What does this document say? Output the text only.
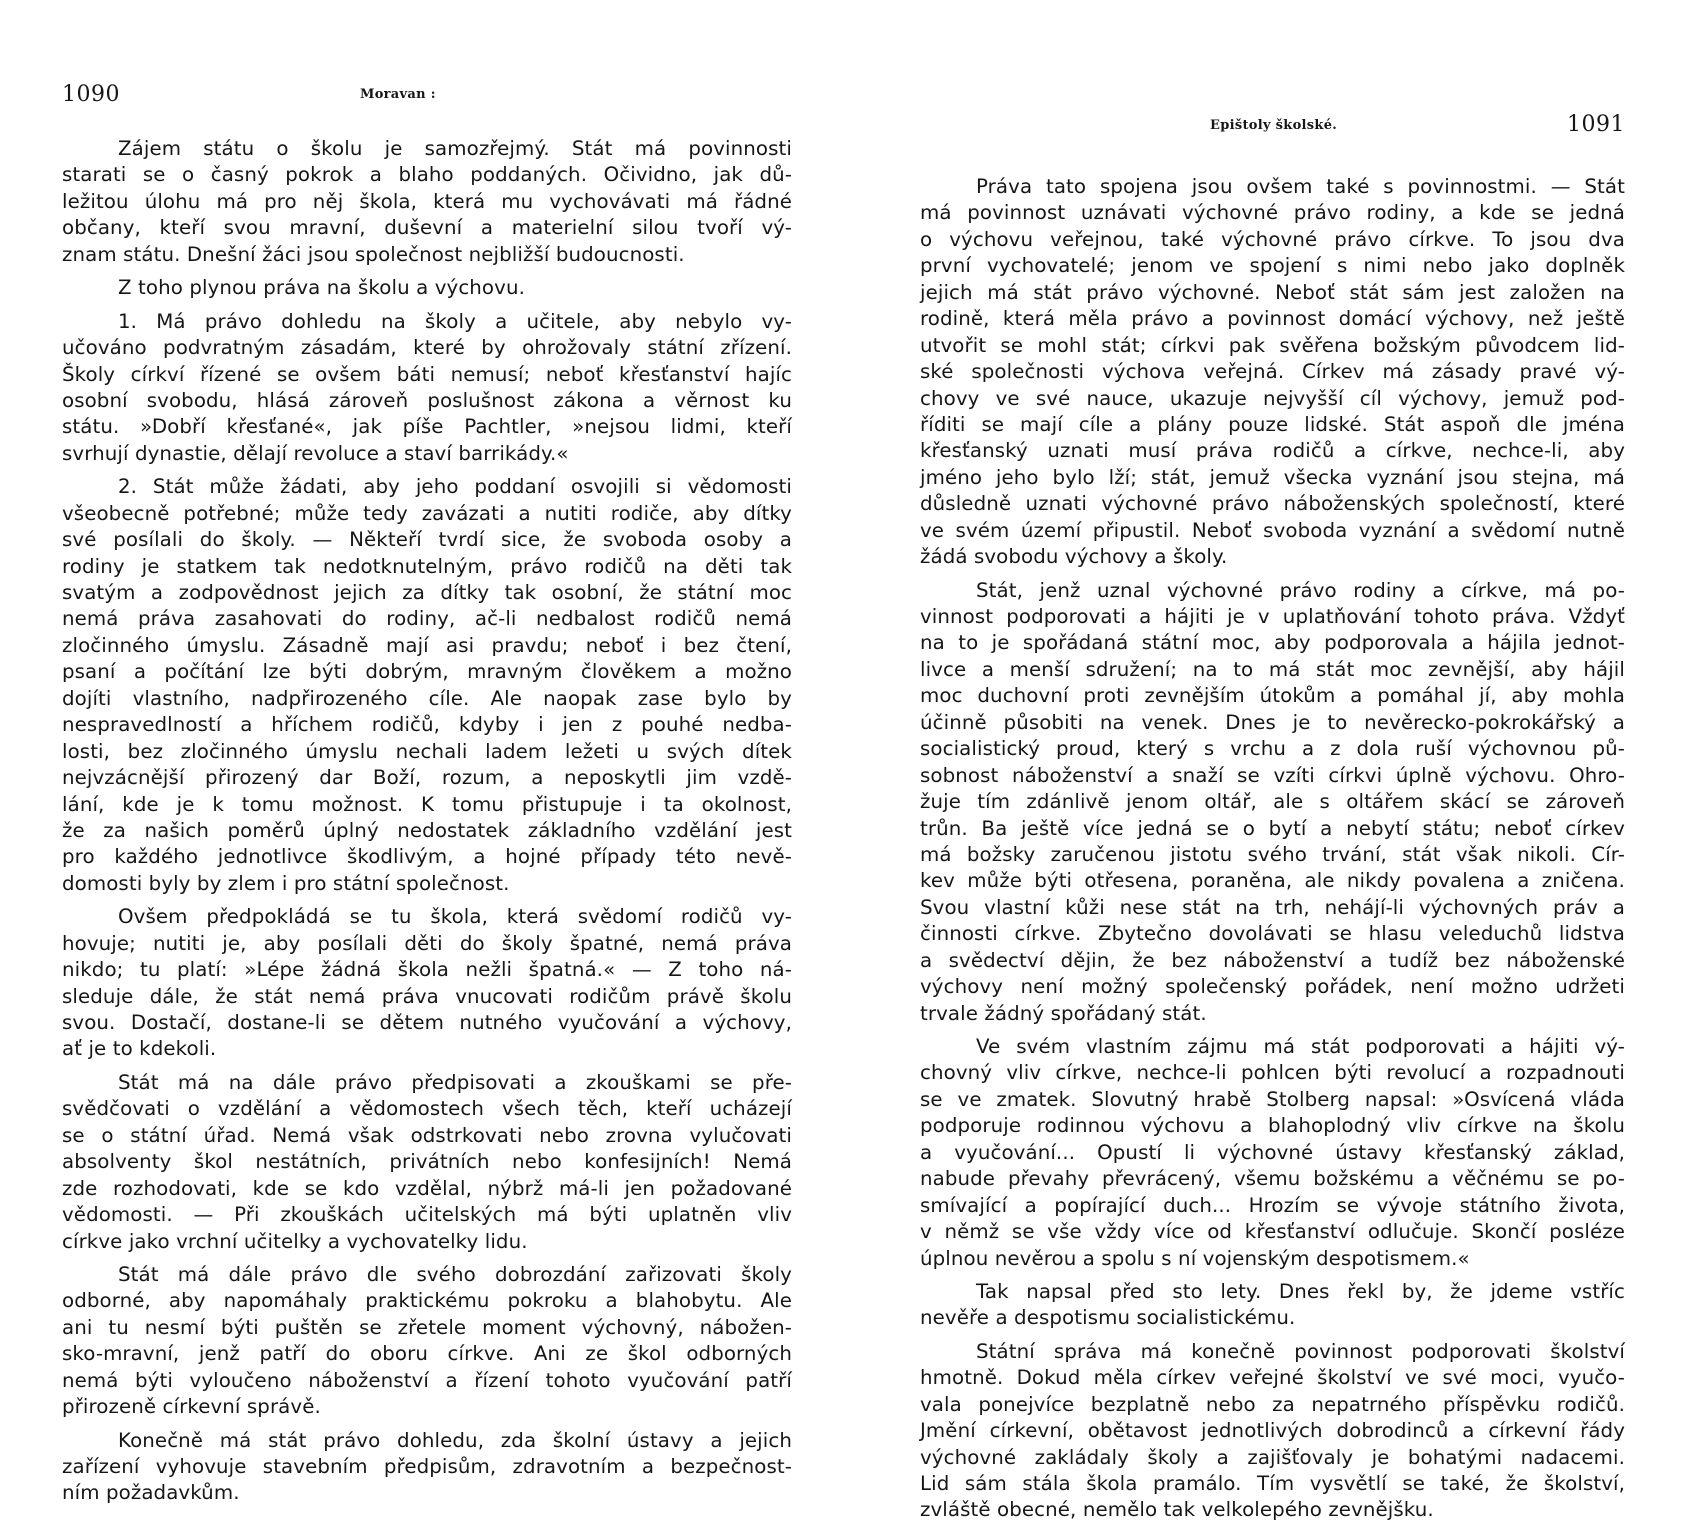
1090	Moravan :
Zájem státu o školu je samozřejmý. Stát má povinnosti
starati se o časný pokrok a blaho poddaných. Očividno, jak dů-
ležitou úlohu má pro něj škola, která mu vychovávati má řádné
občany, kteří svou mravní, duševní a materielní silou tvoří vý-
znam státu. Dnešní žáci jsou společnost nejbližší budoucnosti.
Z toho plynou práva na školu a výchovu.
1. Má právo dohledu na školy a učitele, aby nebylo vy-
učováno podvratným zásadám, které by ohrožovaly státní zřízení.
Školy církví řízené se ovšem báti nemusí; neboť křesťanství hajíc
osobní svobodu, hlásá zároveň poslušnost zákona a věrnost ku
státu. »Dobří křesťané«, jak píše Pachtler, »nejsou lidmi, kteří
svrhují dynastie, dělají revoluce a staví barrikády.«
2. Stát může žádati, aby jeho poddaní osvojili si vědomosti
všeobecně potřebné; může tedy zavázati a nutiti rodiče, aby dítky
své posílali do školy. — Někteří tvrdí sice, že svoboda osoby a
rodiny je statkem tak nedotknutelným, právo rodičů na děti tak
svatým a zodpovědnost jejich za dítky tak osobní, že státní moc
nemá práva zasahovati do rodiny, ač-li nedbalost rodičů nemá
zločinného úmyslu. Zásadně mají asi pravdu; neboť i bez čtení,
psaní a počítání lze býti dobrým, mravným člověkem a možno
dojíti vlastního, nadpřirozeného cíle. Ale naopak zase bylo by
nespravedlností a hříchem rodičů, kdyby i jen z pouhé nedba-
losti, bez zločinného úmyslu nechali ladem ležeti u svých dítek
nejvzácnější přirozený dar Boží, rozum, a neposkytli jim vzdě-
lání, kde je k tomu možnost. K tomu přistupuje i ta okolnost,
že za našich poměrů úplný nedostatek základního vzdělání jest
pro každého jednotlivce škodlivým, a hojné případy této nevě-
domosti byly by zlem i pro státní společnost.
Ovšem předpokládá se tu škola, která svědomí rodičů vy-
hovuje; nutiti je, aby posílali děti do školy špatné, nemá práva
nikdo; tu platí: »Lépe žádná škola nežli špatná.« — Z toho ná-
sleduje dále, že stát nemá práva vnucovati rodičům právě školu
svou. Dostačí, dostane-li se dětem nutného vyučování a výchovy,
ať je to kdekoli.
Stát má na dále právo předpisovati a zkouškami se pře-
svědčovati o vzdělání a vědomostech všech těch, kteří ucházejí
se o státní úřad. Nemá však odstrkovati nebo zrovna vylučovati
absolventy škol nestátních, privátních nebo konfesijních! Nemá
zde rozhodovati, kde se kdo vzdělal, nýbrž má-li jen požadované
vědomosti. — Při zkouškách učitelských má býti uplatněn vliv
církve jako vrchní učitelky a vychovatelky lidu.
Stát má dále právo dle svého dobrozdání zařizovati školy
odborné, aby napomáhaly praktickému pokroku a blahobytu. Ale
ani tu nesmí býti puštěn se zřetele moment výchovný, nábožen-
sko-mravní, jenž patří do oboru církve. Ani ze škol odborných
nemá býti vyloučeno náboženství a řízení tohoto vyučování patří
přirozeně církevní správě.
Konečně má stát právo dohledu, zda školní ústavy a jejich
zařízení vyhovuje stavebním předpisům, zdravotním a bezpečnost-
ním požadavkům.
Epištoly školské.	1091
Práva tato spojena jsou ovšem také s povinnostmi. — Stát
má povinnost uznávati výchovné právo rodiny, a kde se jedná
o výchovu veřejnou, také výchovné právo církve. To jsou dva
první vychovatelé; jenom ve spojení s nimi nebo jako doplněk
jejich má stát právo výchovné. Neboť stát sám jest založen na
rodině, která měla právo a povinnost domácí výchovy, než ještě
utvořit se mohl stát; církvi pak svěřena božským původcem lid-
ské společnosti výchova veřejná. Církev má zásady pravé vý-
chovy ve své nauce, ukazuje nejvyšší cíl výchovy, jemuž pod-
říditi se mají cíle a plány pouze lidské. Stát aspoň dle jména
křesťanský uznati musí práva rodičů a církve, nechce-li, aby
jméno jeho bylo lží; stát, jemuž všecka vyznání jsou stejna, má
důsledně uznati výchovné právo náboženských společností, které
ve svém území připustil. Neboť svoboda vyznání a svědomí nutně
žádá svobodu výchovy a školy.
Stát, jenž uznal výchovné právo rodiny a církve, má po-
vinnost podporovati a hájiti je v uplatňování tohoto práva. Vždyť
na to je spořádaná státní moc, aby podporovala a hájila jednot-
livce a menší sdružení; na to má stát moc zevnější, aby hájil
moc duchovní proti zevnějším útokům a pomáhal jí, aby mohla
účinně působiti na venek. Dnes je to nevěrecko-pokrokářský a
socialistický proud, který s vrchu a z dola ruší výchovnou pů-
sobnost náboženství a snaží se vzíti církvi úplně výchovu. Ohro-
žuje tím zdánlivě jenom oltář, ale s oltářem skácí se zároveň
trůn. Ba ještě více jedná se o bytí a nebytí státu; neboť církev
má božsky zaručenou jistotu svého trvání, stát však nikoli. Cír-
kev může býti otřesena, poraněna, ale nikdy povalena a zničena.
Svou vlastní kůži nese stát na trh, nehájí-li výchovných práv a
činnosti církve. Zbytečno dovolávati se hlasu veleduchů lidstva
a svědectví dějin, že bez náboženství a tudíž bez náboženské
výchovy není možný společenský pořádek, není možno udržeti
trvale žádný spořádaný stát.
Ve svém vlastním zájmu má stát podporovati a hájiti vý-
chovný vliv církve, nechce-li pohlcen býti revolucí a rozpadnouti
se ve zmatek. Slovutný hrabě Stolberg napsal: »Osvícená vláda
podporuje rodinnou výchovu a blahoplodný vliv církve na školu
a vyučování... Opustí li výchovné ústavy křesťanský základ,
nabude převahy převrácený, všemu božskému a věčnému se po-
smívající a popírající duch... Hrozím se vývoje státního života,
v němž se vše vždy více od křesťanství odlučuje. Skončí posléze
úplnou nevěrou a spolu s ní vojenským despotismem.«
Tak napsal před sto lety. Dnes řekl by, že jdeme vstříc
nevěře a despotismu socialistickému.
Státní správa má konečně povinnost podporovati školství
hmotně. Dokud měla církev veřejné školství ve své moci, vyučo-
vala ponejvíce bezplatně nebo za nepatrného příspěvku rodičů.
Jmění církevní, obětavost jednotlivých dobrodinců a církevní řády
výchovné zakládaly školy a zajišťovaly je bohatými nadacemi.
Lid sám stála škola pramálo. Tím vysvětlí se také, že školství,
zvláště obecné, nemělo tak velkolepého zevnějšku.
